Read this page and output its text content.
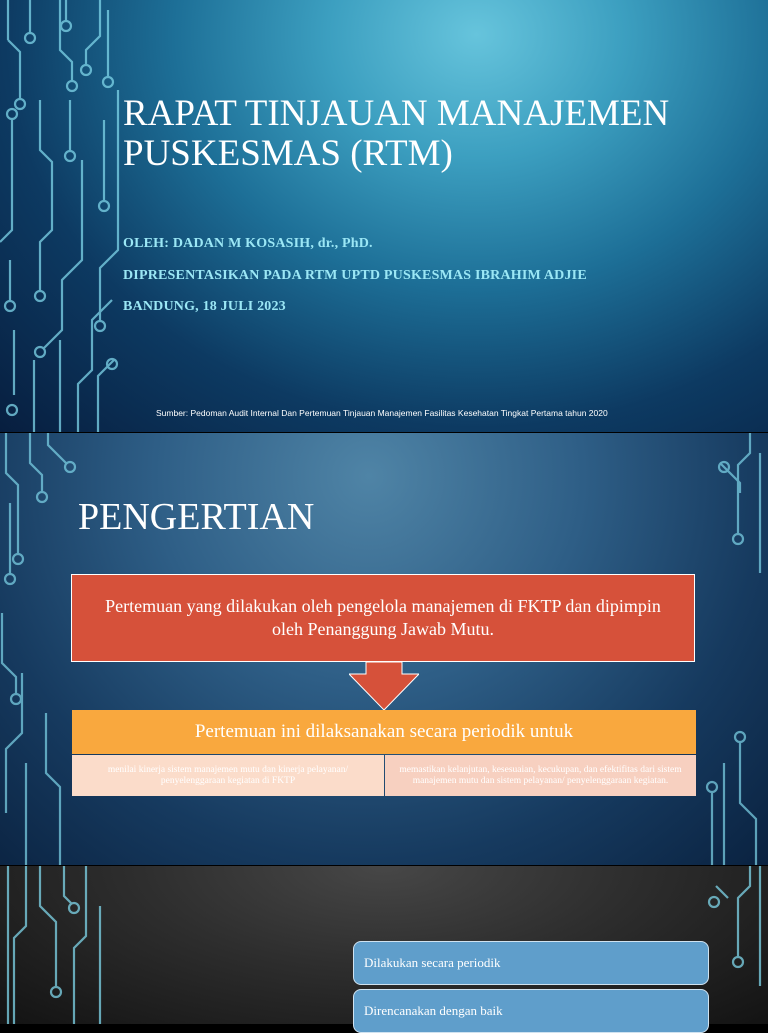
RAPAT TINJAUAN MANAJEMEN PUSKESMAS (RTM)
OLEH: DADAN M KOSASIH, dr., PhD.
DIPRESENTASIKAN PADA RTM UPTD PUSKESMAS IBRAHIM ADJIE
BANDUNG, 18 JULI 2023
Sumber: Pedoman Audit Internal Dan Pertemuan Tinjauan Manajemen Fasilitas Kesehatan Tingkat Pertama tahun 2020
PENGERTIAN
Pertemuan yang dilakukan oleh pengelola manajemen di FKTP dan dipimpin oleh Penanggung Jawab Mutu.
Pertemuan ini dilaksanakan secara periodik untuk
menilai kinerja sistem manajemen mutu dan kinerja pelayanan/ penyelenggaraan kegiatan di FKTP
memastikan kelanjutan, kesesuaian, kecukupan, dan efektifitas dari sistem manajemen mutu dan sistem pelayanan/ penyelenggaraan kegiatan.
Dilakukan secara periodik
Direncanakan dengan baik
